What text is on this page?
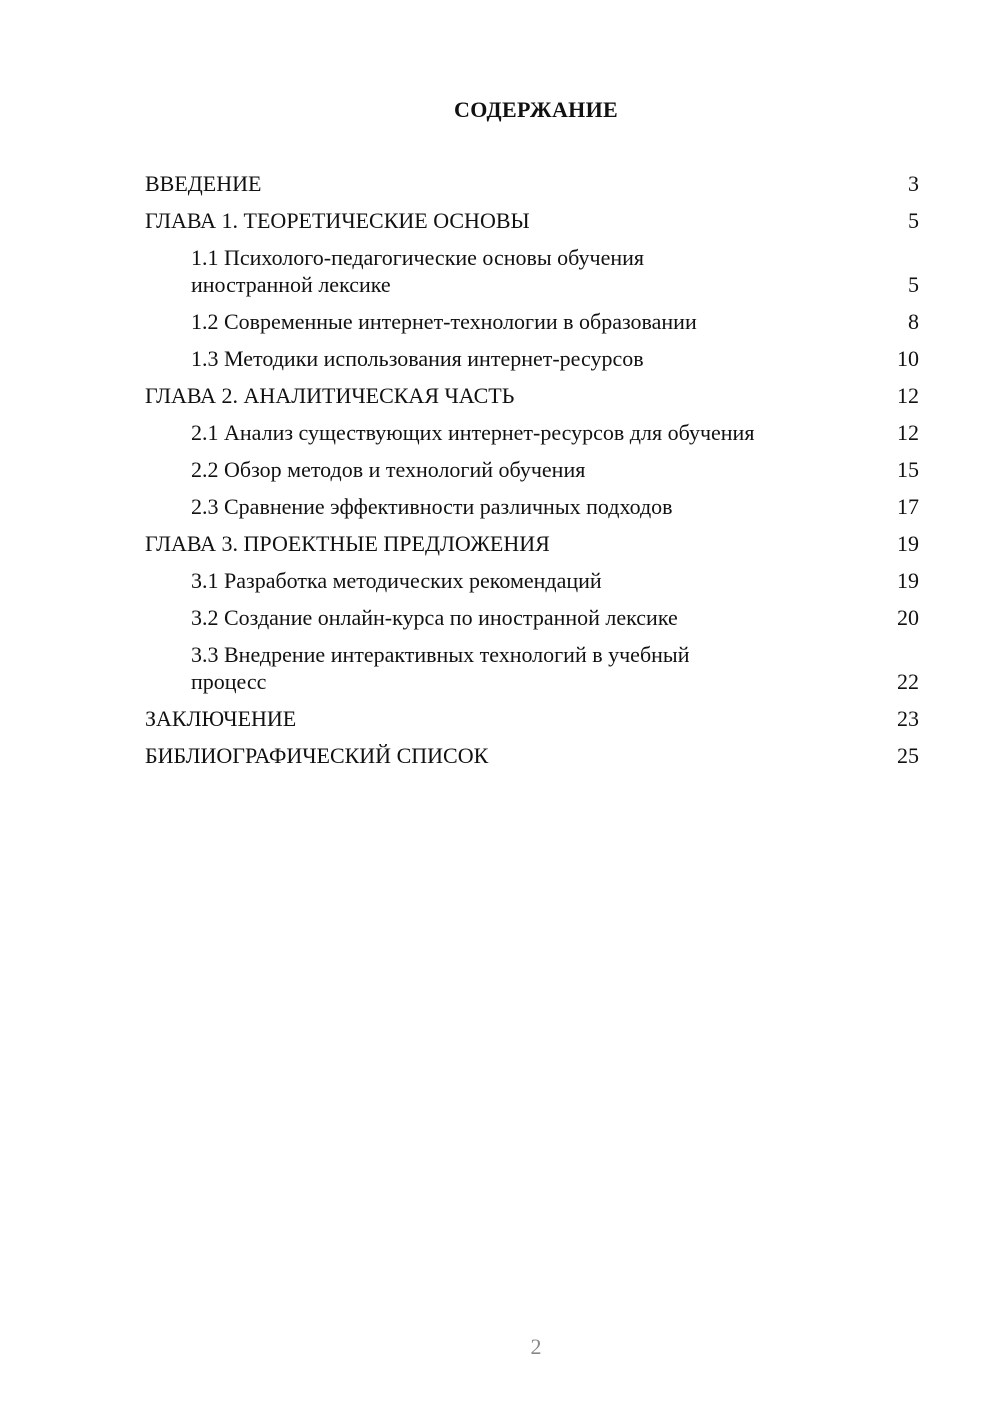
СОДЕРЖАНИЕ
ВВЕДЕНИЕ	3
ГЛАВА 1. ТЕОРЕТИЧЕСКИЕ ОСНОВЫ	5
1.1 Психолого-педагогические основы обучения иностранной лексике	5
1.2 Современные интернет-технологии в образовании	8
1.3 Методики использования интернет-ресурсов	10
ГЛАВА 2. АНАЛИТИЧЕСКАЯ ЧАСТЬ	12
2.1 Анализ существующих интернет-ресурсов для обучения	12
2.2 Обзор методов и технологий обучения	15
2.3 Сравнение эффективности различных подходов	17
ГЛАВА 3. ПРОЕКТНЫЕ ПРЕДЛОЖЕНИЯ	19
3.1 Разработка методических рекомендаций	19
3.2 Создание онлайн-курса по иностранной лексике	20
3.3 Внедрение интерактивных технологий в учебный процесс	22
ЗАКЛЮЧЕНИЕ	23
БИБЛИОГРАФИЧЕСКИЙ СПИСОК	25
2
